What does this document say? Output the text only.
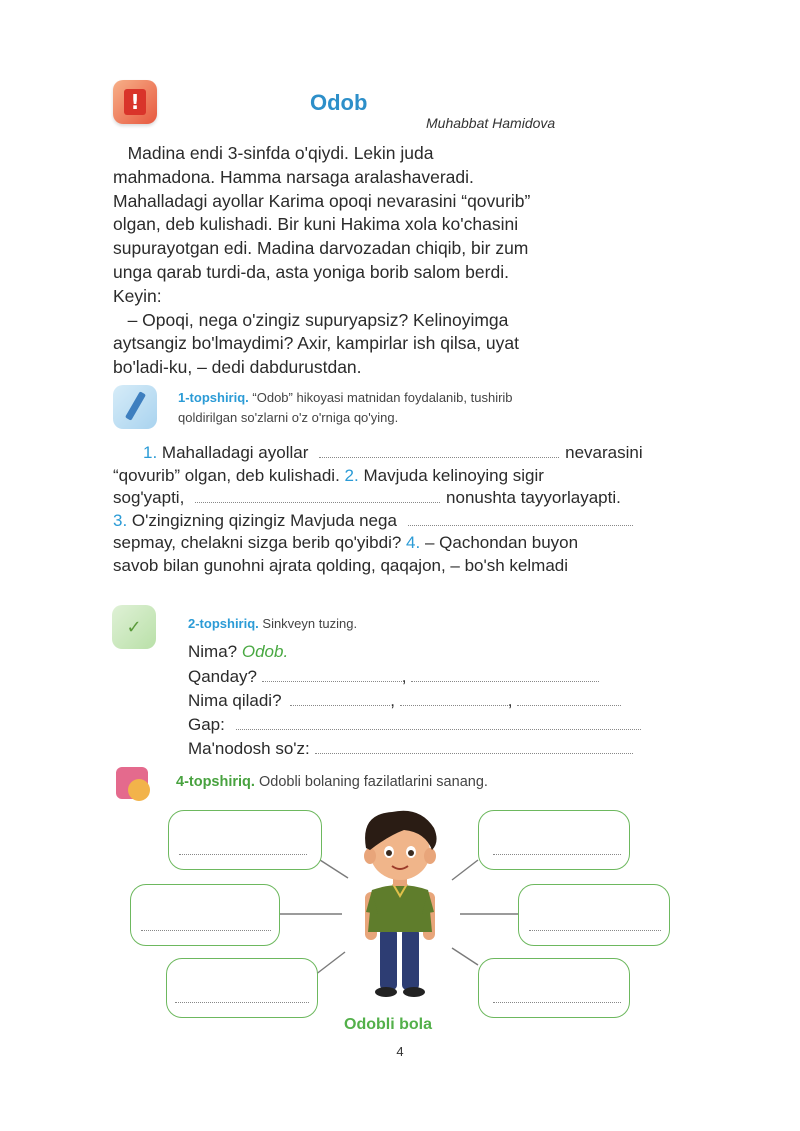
!	Odob
Muhabbat Hamidova

Madina endi 3-sinfda o'qiydi. Lekin juda

mahmadona. Hamma narsaga aralashaveradi.

Mahalladagi ayollar Karima opoqi nevarasini “qovurib”

olgan, deb kulishadi. Bir kuni Hakima xola ko'chasini

supurayotgan edi. Madina darvozadan chiqib, bir zum

unga qarab turdi-da, asta yoniga borib salom berdi.

Keyin:

– Opoqi, nega o'zingiz supuryapsiz? Kelinoyimga

aytsangiz bo'lmaydimi? Axir, kampirlar ish qilsa, uyat

bo'ladi-ku, – dedi dabdurustdan.

1-topshiriq. “Odob” hikoyasi matnidan foydalanib, tushirib
qoldirilgan so'zlarni o'z o'rniga qo'ying.
1. Mahalladagi ayollar	nevarasini
“qovurib” olgan, deb kulishadi. 2. Mavjuda kelinoying sigir
sog'yapti,	nonushta tayyorlayapti.
3. O'zingizning qizingiz Mavjuda nega
sepmay, chelakni sizga berib qo'yibdi? 4. – Qachondan buyon
savob bilan gunohni ajrata qolding, qaqajon, – bo'sh kelmadi
✓	2-topshiriq. Sinkveyn tuzing.
Nima? Odob.
Qanday?	,
Nima qiladi?	,	,
Gap:
Ma'nodosh so'z:
4-topshiriq. Odobli bolaning fazilatlarini sanang.
Odobli bola
4
